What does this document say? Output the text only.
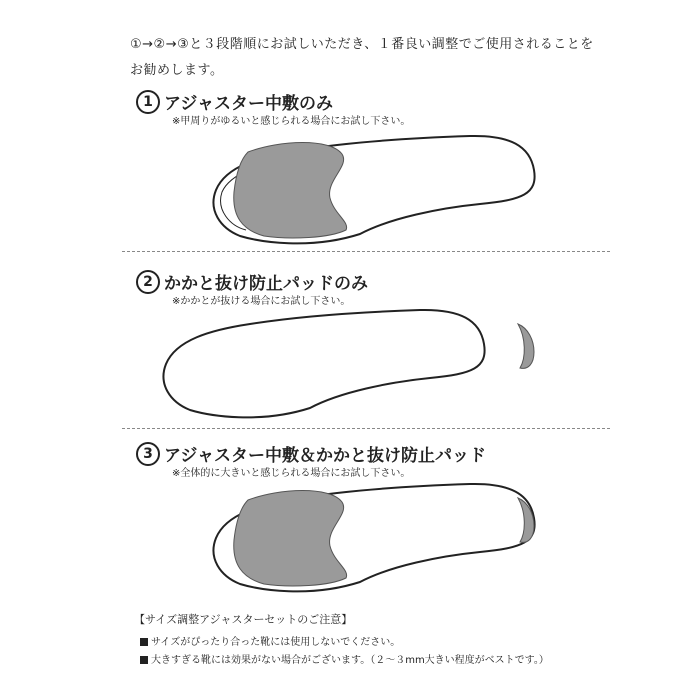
①→②→③と３段階順にお試しいただき、１番良い調整でご使用されることを
お勧めします。
1 アジャスター中敷のみ
※甲周りがゆるいと感じられる場合にお試し下さい。
2 かかと抜け防止パッドのみ
※かかとが抜ける場合にお試し下さい。
3 アジャスター中敷＆かかと抜け防止パッド
※全体的に大きいと感じられる場合にお試し下さい。
【サイズ調整アジャスターセットのご注意】
サイズがぴったり合った靴には使用しないでください。
大きすぎる靴には効果がない場合がございます。（２～３mm大きい程度がベストです。）
